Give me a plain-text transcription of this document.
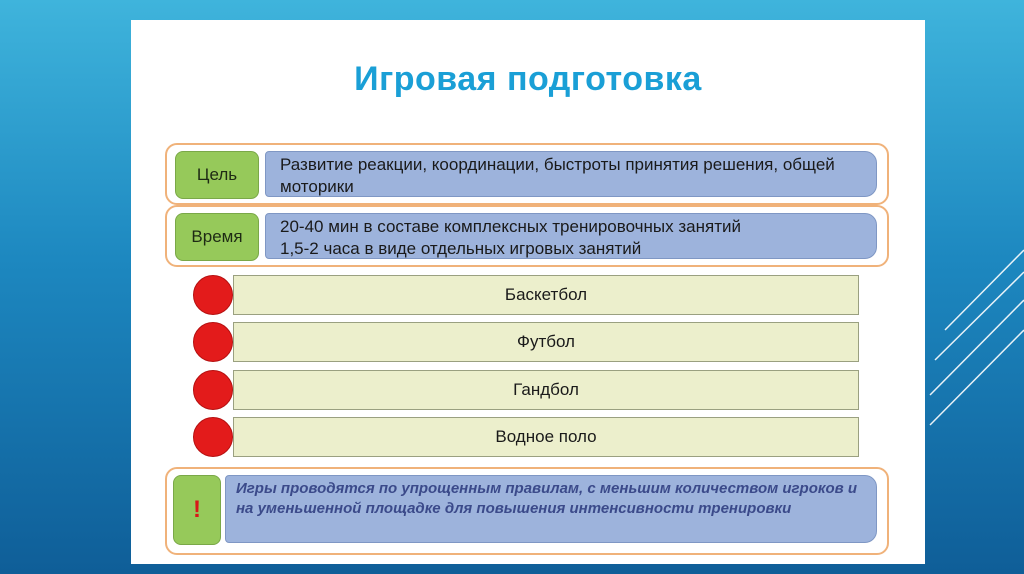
Игровая подготовка
Цель
Развитие реакции, координации, быстроты принятия решения, общей моторики
Время
20-40 мин в составе комплексных тренировочных занятий
1,5-2 часа в виде отдельных игровых занятий
Баскетбол
Футбол
Гандбол
Водное поло
!
Игры проводятся по упрощенным правилам, с меньшим количеством игроков и на уменьшенной площадке для повышения интенсивности тренировки
